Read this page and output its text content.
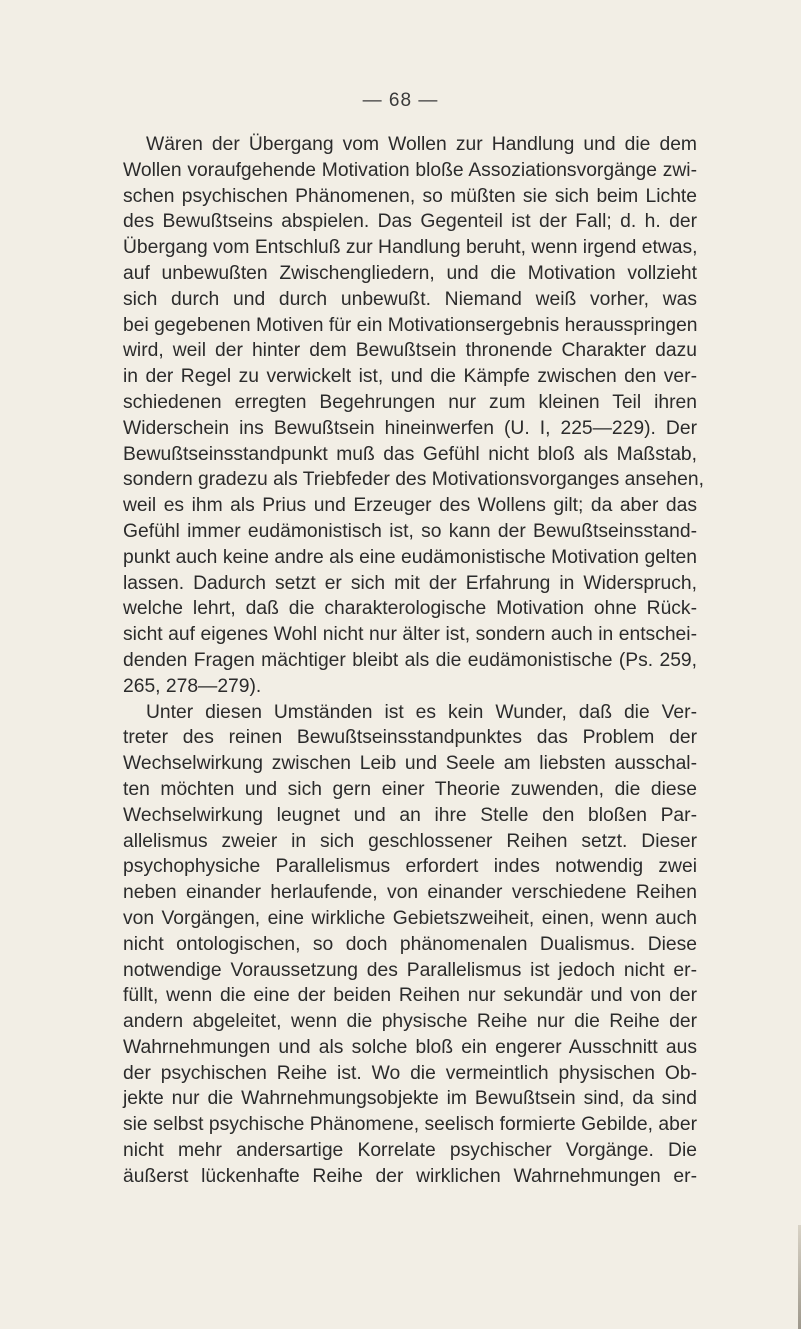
— 68 —
Wären der Übergang vom Wollen zur Handlung und die dem
Wollen voraufgehende Motivation bloße Assoziationsvorgänge zwi-
schen psychischen Phänomenen, so müßten sie sich beim Lichte
des Bewußtseins abspielen. Das Gegenteil ist der Fall; d. h. der
Übergang vom Entschluß zur Handlung beruht, wenn irgend etwas,
auf unbewußten Zwischengliedern, und die Motivation vollzieht
sich durch und durch unbewußt. Niemand weiß vorher, was
bei gegebenen Motiven für ein Motivationsergebnis herausspringen
wird, weil der hinter dem Bewußtsein thronende Charakter dazu
in der Regel zu verwickelt ist, und die Kämpfe zwischen den ver-
schiedenen erregten Begehrungen nur zum kleinen Teil ihren
Widerschein ins Bewußtsein hineinwerfen (U. I, 225—229). Der
Bewußtseinsstandpunkt muß das Gefühl nicht bloß als Maßstab,
sondern gradezu als Triebfeder des Motivationsvorganges ansehen,
weil es ihm als Prius und Erzeuger des Wollens gilt; da aber das
Gefühl immer eudämonistisch ist, so kann der Bewußtseinsstand-
punkt auch keine andre als eine eudämonistische Motivation gelten
lassen. Dadurch setzt er sich mit der Erfahrung in Widerspruch,
welche lehrt, daß die charakterologische Motivation ohne Rück-
sicht auf eigenes Wohl nicht nur älter ist, sondern auch in entschei-
denden Fragen mächtiger bleibt als die eudämonistische (Ps. 259,
265, 278—279).
Unter diesen Umständen ist es kein Wunder, daß die Ver-
treter des reinen Bewußtseinsstandpunktes das Problem der
Wechselwirkung zwischen Leib und Seele am liebsten ausschal-
ten möchten und sich gern einer Theorie zuwenden, die diese
Wechselwirkung leugnet und an ihre Stelle den bloßen Par-
allelismus zweier in sich geschlossener Reihen setzt. Dieser
psychophysiche Parallelismus erfordert indes notwendig zwei
neben einander herlaufende, von einander verschiedene Reihen
von Vorgängen, eine wirkliche Gebietszweiheit, einen, wenn auch
nicht ontologischen, so doch phänomenalen Dualismus. Diese
notwendige Voraussetzung des Parallelismus ist jedoch nicht er-
füllt, wenn die eine der beiden Reihen nur sekundär und von der
andern abgeleitet, wenn die physische Reihe nur die Reihe der
Wahrnehmungen und als solche bloß ein engerer Ausschnitt aus
der psychischen Reihe ist. Wo die vermeintlich physischen Ob-
jekte nur die Wahrnehmungsobjekte im Bewußtsein sind, da sind
sie selbst psychische Phänomene, seelisch formierte Gebilde, aber
nicht mehr andersartige Korrelate psychischer Vorgänge. Die
äußerst lückenhafte Reihe der wirklichen Wahrnehmungen er-
